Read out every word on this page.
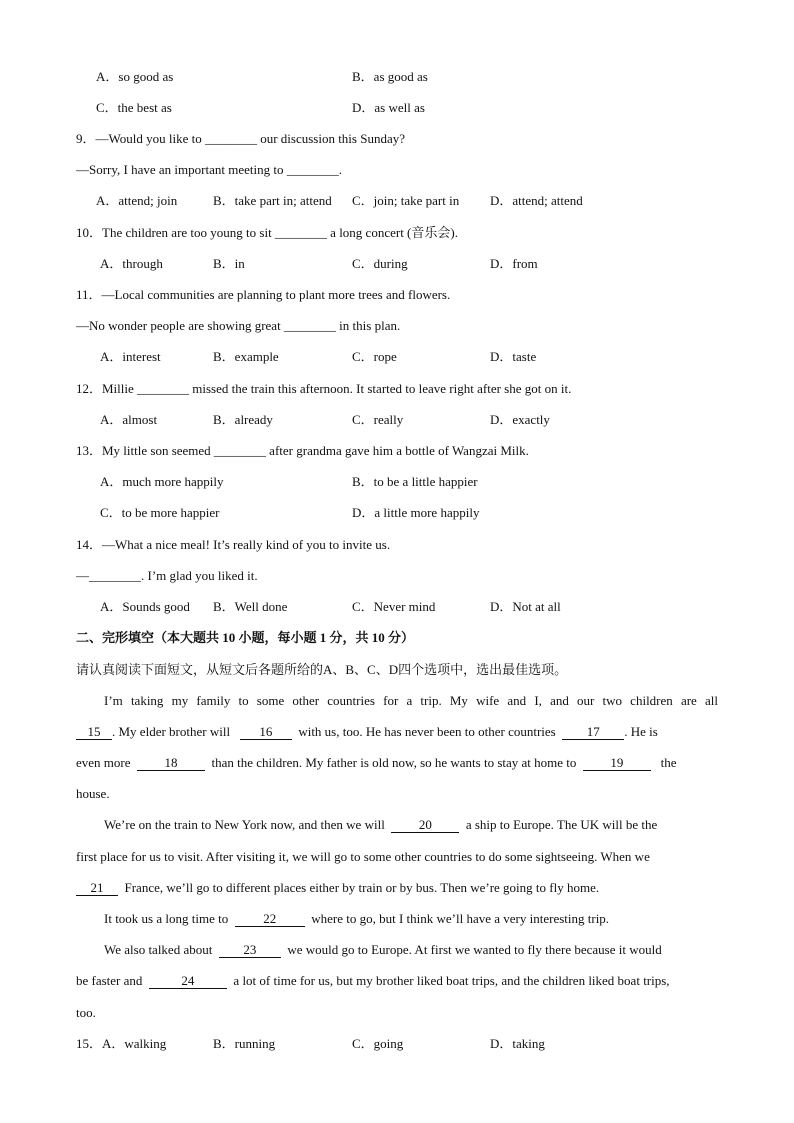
A．so good as	B．as good as
C．the best as	D．as well as
9．—Would you like to ________ our discussion this Sunday?
—Sorry, I have an important meeting to ________.
A．attend; join	B．take part in; attend C．join; take part in D．attend; attend
10．The children are too young to sit ________ a long concert (音乐会).
A．through	B．in	C．during	D．from
11．—Local communities are planning to plant more trees and flowers.
—No wonder people are showing great ________ in this plan.
A．interest	B．example	C．rope	D．taste
12．Millie ________ missed the train this afternoon. It started to leave right after she got on it.
A．almost	B．already	C．really	D．exactly
13．My little son seemed ________ after grandma gave him a bottle of Wangzai Milk.
A．much more happily	B．to be a little happier
C．to be more happier	D．a little more happily
14．—What a nice meal! It’s really kind of you to invite us.
—________. I’m glad you liked it.
A．Sounds good B．Well done	C．Never mind	D．Not at all
二、完形填空（本大题共 10 小题，每小题 1 分，共 10 分）
请认真阅读下面短文，从短文后各题所给的A、B、C、D四个选项中，选出最佳选项。
I’m taking my family to some other countries for a trip. My wife and I, and our two children are all
15 . My elder brother will 16 with us, too. He has never been to other countries 17 . He is
even more	18	than the children. My father is old now, so he wants to stay at home to	19	the
house.
We’re on the train to New York now, and then we will	20	a ship to Europe. The UK will be the
first place for us to visit. After visiting it, we will go to some other countries to do some sightseeing. When we
21 France, we’ll go to different places either by train or by bus. Then we’re going to fly home.
It took us a long time to	22	where to go, but I think we’ll have a very interesting trip.
We also talked about 23 we would go to Europe. At first we wanted to fly there because it would
be faster and	24	a lot of time for us, but my brother liked boat trips, and the children liked boat trips,
too.
15．A．walking	B．running	C．going	D．taking
